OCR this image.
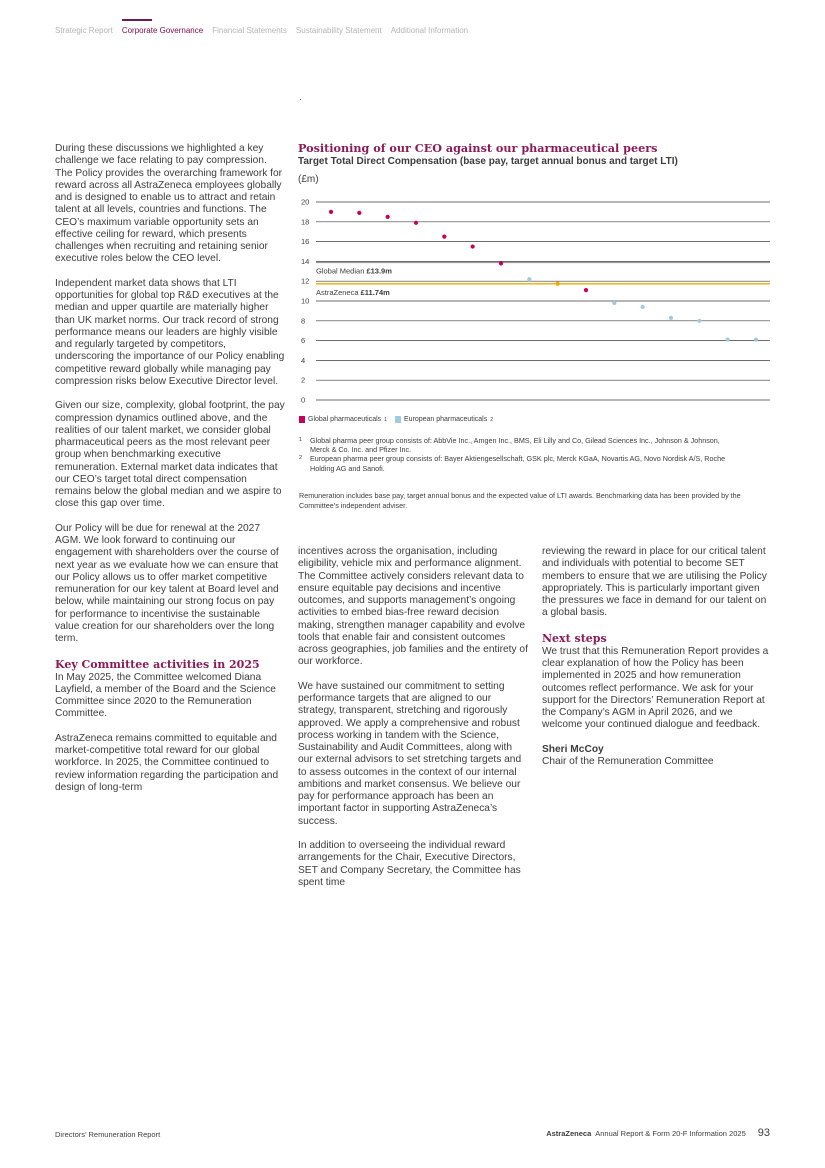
Strategic Report Corporate Governance Financial Statements Sustainability Statement Additional Information

During these discussions we highlighted a key challenge we face relating to pay compression. The Policy provides the overarching framework for reward across all AstraZeneca employees globally and is designed to enable us to attract and retain talent at all levels, countries and functions. The CEO’s maximum variable opportunity sets an effective ceiling for reward, which presents challenges when recruiting and retaining senior executive roles below the CEO level.

Independent market data shows that LTI opportunities for global top R&D executives at the median and upper quartile are materially higher than UK market norms. Our track record of strong performance means our leaders are highly visible and regularly targeted by competitors, underscoring the importance of our Policy enabling competitive reward globally while managing pay compression risks below Executive Director level.

Given our size, complexity, global footprint, the pay compression dynamics outlined above, and the realities of our talent market, we consider global pharmaceutical peers as the most relevant peer group when benchmarking executive remuneration. External market data indicates that our CEO’s target total direct compensation remains below the global median and we aspire to close this gap over time.

Our Policy will be due for renewal at the 2027 AGM. We look forward to continuing our engagement with shareholders over the course of next year as we evaluate how we can ensure that our Policy allows us to offer market competitive remuneration for our key talent at Board level and below, while maintaining our strong focus on pay for performance to incentivise the sustainable value creation for our shareholders over the long term.

Key Committee activities in 2025

In May 2025, the Committee welcomed Diana Layfield, a member of the Board and the Science Committee since 2020 to the Remuneration Committee.

AstraZeneca remains committed to equitable and market-competitive total reward for our global workforce. In 2025, the Committee continued to review information regarding the participation and design of long-term

Positioning of our CEO against our pharmaceutical peers
Target Total Direct Compensation (base pay, target annual bonus and target LTI)
(£m)
0
2
4
6
8
10
12
14
16
18
20
Global Median £13.9m
AstraZeneca £11.74m
Global pharmaceuticals 1 European pharmaceuticals 2
1	Global pharma peer group consists of: AbbVie Inc., Amgen Inc., BMS, Eli Lilly and Co, Gilead Sciences Inc., Johnson & Johnson, Merck & Co. Inc. and Pfizer Inc.
2	European pharma peer group consists of: Bayer Aktiengesellschaft, GSK plc, Merck KGaA, Novartis AG, Novo Nordisk A/S, Roche Holding AG and Sanofi.
Remuneration includes base pay, target annual bonus and the expected value of LTI awards. Benchmarking data has been provided by the Committee’s independent adviser.

incentives across the organisation, including eligibility, vehicle mix and performance alignment. The Committee actively considers relevant data to ensure equitable pay decisions and incentive outcomes, and supports management’s ongoing activities to embed bias-free reward decision making, strengthen manager capability and evolve tools that enable fair and consistent outcomes across geographies, job families and the entirety of our workforce.

We have sustained our commitment to setting performance targets that are aligned to our strategy, transparent, stretching and rigorously approved. We apply a comprehensive and robust process working in tandem with the Science, Sustainability and Audit Committees, along with our external advisors to set stretching targets and to assess outcomes in the context of our internal ambitions and market consensus. We believe our pay for performance approach has been an important factor in supporting AstraZeneca’s success.

In addition to overseeing the individual reward arrangements for the Chair, Executive Directors, SET and Company Secretary, the Committee has spent time

reviewing the reward in place for our critical talent and individuals with potential to become SET members to ensure that we are utilising the Policy appropriately. This is particularly important given the pressures we face in demand for our talent on a global basis.

Next steps

We trust that this Remuneration Report provides a clear explanation of how the Policy has been implemented in 2025 and how remuneration outcomes reflect performance. We ask for your support for the Directors’ Remuneration Report at the Company’s AGM in April 2026, and we welcome your continued dialogue and feedback.

Sheri McCoy
Chair of the Remuneration Committee
Directors’ Remuneration Report	AstraZeneca Annual Report & Form 20-F Information 2025 93
